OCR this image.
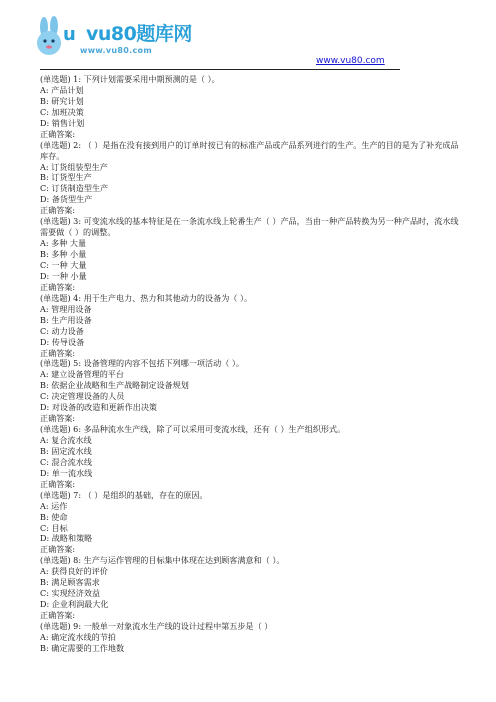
u vu80题库网
www.vu80.com
www.vu80.com
(单选题) 1: 下列计划需要采用中期预测的是（ ）。
A: 产品计划
B: 研究计划
C: 加班决策
D: 销售计划
正确答案:
(单选题) 2: （ ）是指在没有接到用户的订单时按已有的标准产品或产品系列进行的生产。生产的目的是为了补充成品库存。
A: 订货组装型生产
B: 订货型生产
C: 订货制造型生产
D: 备货型生产
正确答案:
(单选题) 3: 可变流水线的基本特征是在一条流水线上轮番生产（ ）产品，当由一种产品转换为另一种产品时，流水线需要做（ ）的调整。
A: 多种 大量
B: 多种 小量
C: 一种 大量
D: 一种 小量
正确答案:
(单选题) 4: 用于生产电力、热力和其他动力的设备为（ ）。
A: 管理用设备
B: 生产用设备
C: 动力设备
D: 传导设备
正确答案:
(单选题) 5: 设备管理的内容不包括下列哪一项活动（ ）。
A: 建立设备管理的平台
B: 依据企业战略和生产战略制定设备规划
C: 决定管理设备的人员
D: 对设备的改造和更新作出决策
正确答案:
(单选题) 6: 多品种流水生产线，除了可以采用可变流水线，还有（ ）生产组织形式。
A: 复合流水线
B: 固定流水线
C: 混合流水线
D: 单一流水线
正确答案:
(单选题) 7: （ ）是组织的基础，存在的原因。
A: 运作
B: 使命
C: 目标
D: 战略和策略
正确答案:
(单选题) 8: 生产与运作管理的目标集中体现在达到顾客满意和（ ）。
A: 获得良好的评价
B: 满足顾客需求
C: 实现经济效益
D: 企业利润最大化
正确答案:
(单选题) 9: 一般单一对象流水生产线的设计过程中第五步是（ ）
A: 确定流水线的节拍
B: 确定需要的工作地数
